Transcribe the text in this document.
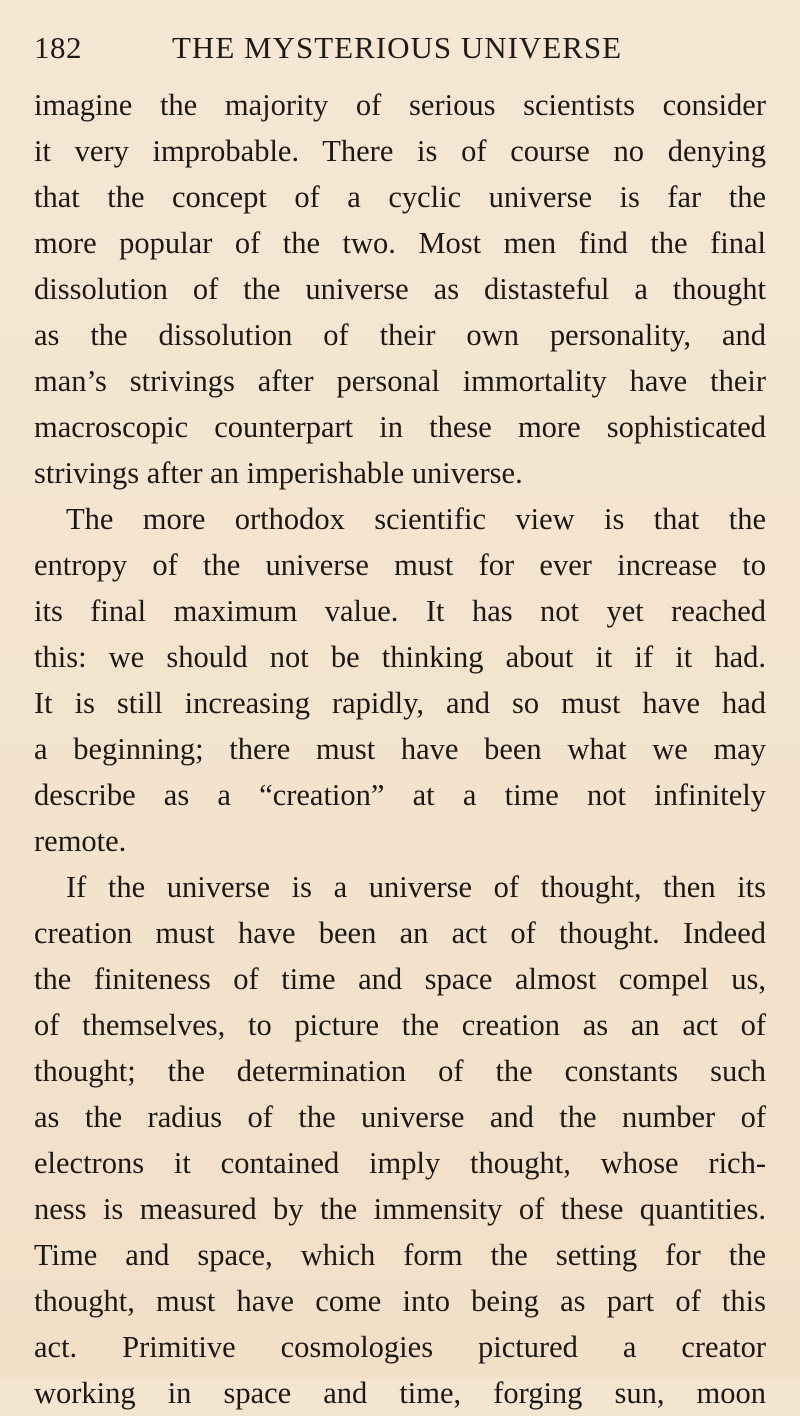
182	THE MYSTERIOUS UNIVERSE
imagine the majority of serious scientists consider
it very improbable. There is of course no denying
that the concept of a cyclic universe is far the
more popular of the two. Most men find the final
dissolution of the universe as distasteful a thought
as the dissolution of their own personality, and
man’s strivings after personal immortality have their
macroscopic counterpart in these more sophisticated
strivings after an imperishable universe.
The more orthodox scientific view is that the
entropy of the universe must for ever increase to
its final maximum value. It has not yet reached
this: we should not be thinking about it if it had.
It is still increasing rapidly, and so must have had
a beginning; there must have been what we may
describe as a “creation” at a time not infinitely
remote.
If the universe is a universe of thought, then its
creation must have been an act of thought. Indeed
the finiteness of time and space almost compel us,
of themselves, to picture the creation as an act of
thought; the determination of the constants such
as the radius of the universe and the number of
electrons it contained imply thought, whose rich-
ness is measured by the immensity of these quantities.
Time and space, which form the setting for the
thought, must have come into being as part of this
act. Primitive cosmologies pictured a creator
working in space and time, forging sun, moon
